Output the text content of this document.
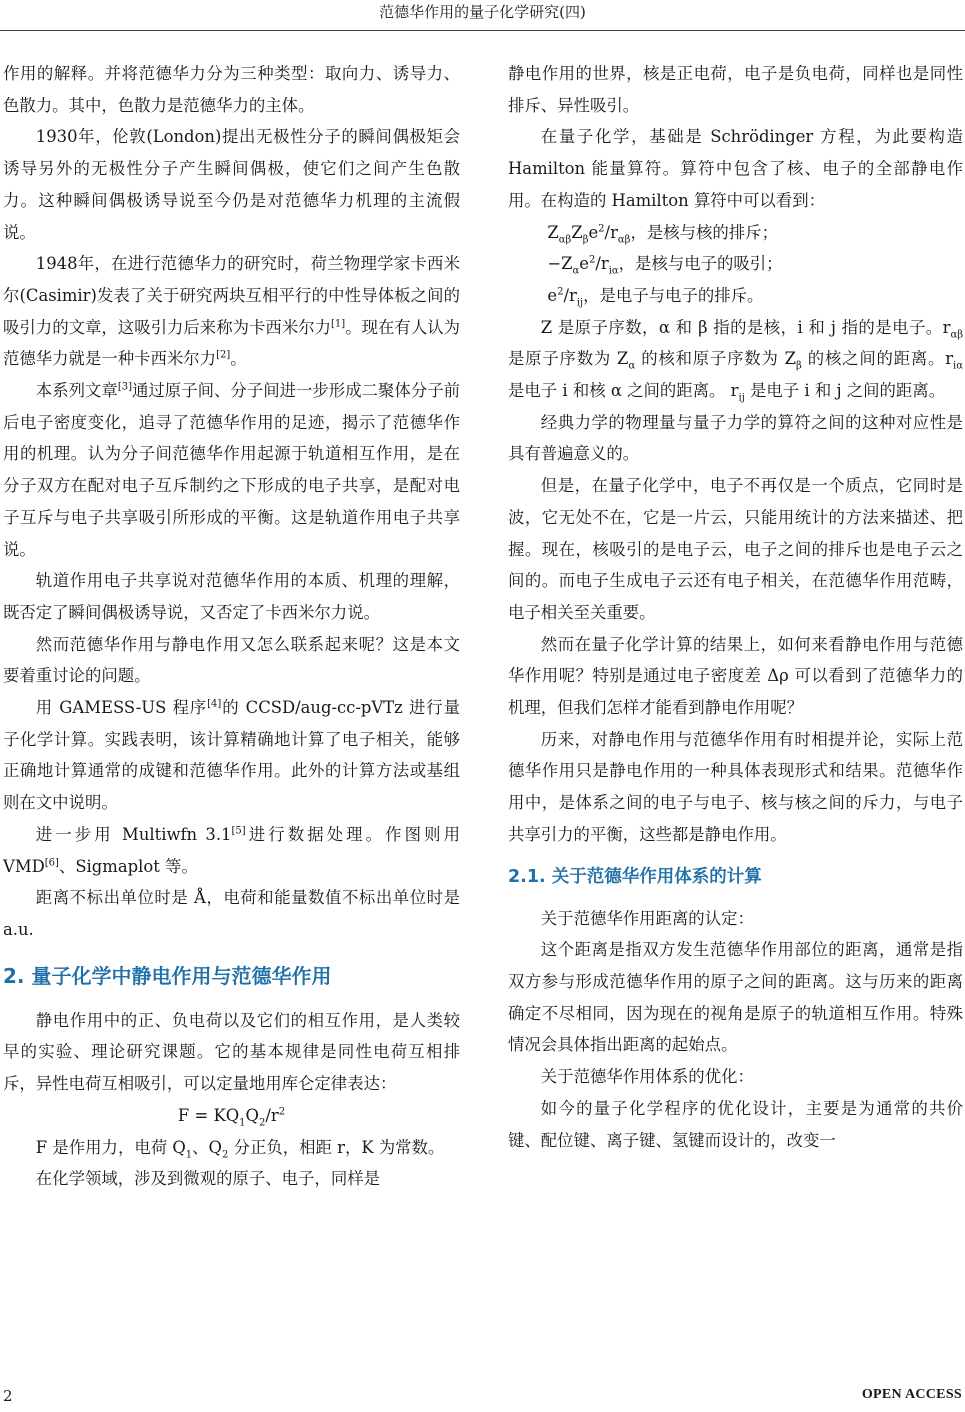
范德华作用的量子化学研究(四)

作用的解释。并将范德华力分为三种类型：取向力、诱导力、色散力。其中，色散力是范德华力的主体。

1930年，伦敦(London)提出无极性分子的瞬间偶极矩会诱导另外的无极性分子产生瞬间偶极，使它们之间产生色散力。这种瞬间偶极诱导说至今仍是对范德华力机理的主流假说。

1948年，在进行范德华力的研究时，荷兰物理学家卡西米尔(Casimir)发表了关于研究两块互相平行的中性导体板之间的吸引力的文章，这吸引力后来称为卡西米尔力[1]。现在有人认为范德华力就是一种卡西米尔力[2]。

本系列文章[3]通过原子间、分子间进一步形成二聚体分子前后电子密度变化，追寻了范德华作用的足迹，揭示了范德华作用的机理。认为分子间范德华作用起源于轨道相互作用，是在分子双方在配对电子互斥制约之下形成的电子共享，是配对电子互斥与电子共享吸引所形成的平衡。这是轨道作用电子共享说。

轨道作用电子共享说对范德华作用的本质、机理的理解，既否定了瞬间偶极诱导说，又否定了卡西米尔力说。

然而范德华作用与静电作用又怎么联系起来呢？这是本文要着重讨论的问题。

用 GAMESS-US 程序[4]的 CCSD/aug-cc-pVTz 进行量子化学计算。实践表明，该计算精确地计算了电子相关，能够正确地计算通常的成键和范德华作用。此外的计算方法或基组则在文中说明。

进一步用 Multiwfn 3.1[5]进行数据处理。作图则用 VMD[6]、Sigmaplot 等。

距离不标出单位时是 Å，电荷和能量数值不标出单位时是 a.u.

2. 量子化学中静电作用与范德华作用

静电作用中的正、负电荷以及它们的相互作用，是人类较早的实验、理论研究课题。它的基本规律是同性电荷互相排斥，异性电荷互相吸引，可以定量地用库仑定律表达：

$F = KQ_1Q_2/r^2$

F 是作用力，电荷 $Q_1$、$Q_2$ 分正负，相距 r，K 为常数。

在化学领域，涉及到微观的原子、电子，同样是

静电作用的世界，核是正电荷，电子是负电荷，同样也是同性排斥、异性吸引。

在量子化学，基础是 Schrödinger 方程，为此要构造 Hamilton 能量算符。算符中包含了核、电子的全部静电作用。在构造的 Hamilton 算符中可以看到：

$Z_{\alpha\beta}Z_\beta e^2/r_{\alpha\beta}$，是核与核的排斥；

$-Z_\alpha e^2/r_{i\alpha}$，是核与电子的吸引；

$e^2/r_{ij}$，是电子与电子的排斥。

Z 是原子序数，α 和 β 指的是核，i 和 j 指的是电子。$r_{\alpha\beta}$ 是原子序数为 $Z_\alpha$ 的核和原子序数为 $Z_\beta$ 的核之间的距离。$r_{i\alpha}$ 是电子 i 和核 α 之间的距离。 $r_{ij}$ 是电子 i 和 j 之间的距离。

经典力学的物理量与量子力学的算符之间的这种对应性是具有普遍意义的。

但是，在量子化学中，电子不再仅是一个质点，它同时是波，它无处不在，它是一片云，只能用统计的方法来描述、把握。现在，核吸引的是电子云，电子之间的排斥也是电子云之间的。而电子生成电子云还有电子相关，在范德华作用范畴，电子相关至关重要。

然而在量子化学计算的结果上，如何来看静电作用与范德华作用呢？特别是通过电子密度差 Δρ 可以看到了范德华力的机理，但我们怎样才能看到静电作用呢？

历来，对静电作用与范德华作用有时相提并论，实际上范德华作用只是静电作用的一种具体表现形式和结果。范德华作用中，是体系之间的电子与电子、核与核之间的斥力，与电子共享引力的平衡，这些都是静电作用。

2.1. 关于范德华作用体系的计算

关于范德华作用距离的认定：

这个距离是指双方发生范德华作用部位的距离，通常是指双方参与形成范德华作用的原子之间的距离。这与历来的距离确定不尽相同，因为现在的视角是原子的轨道相互作用。特殊情况会具体指出距离的起始点。

关于范德华作用体系的优化：

如今的量子化学程序的优化设计，主要是为通常的共价键、配位键、离子键、氢键而设计的，改变一

2	OPEN ACCESS
